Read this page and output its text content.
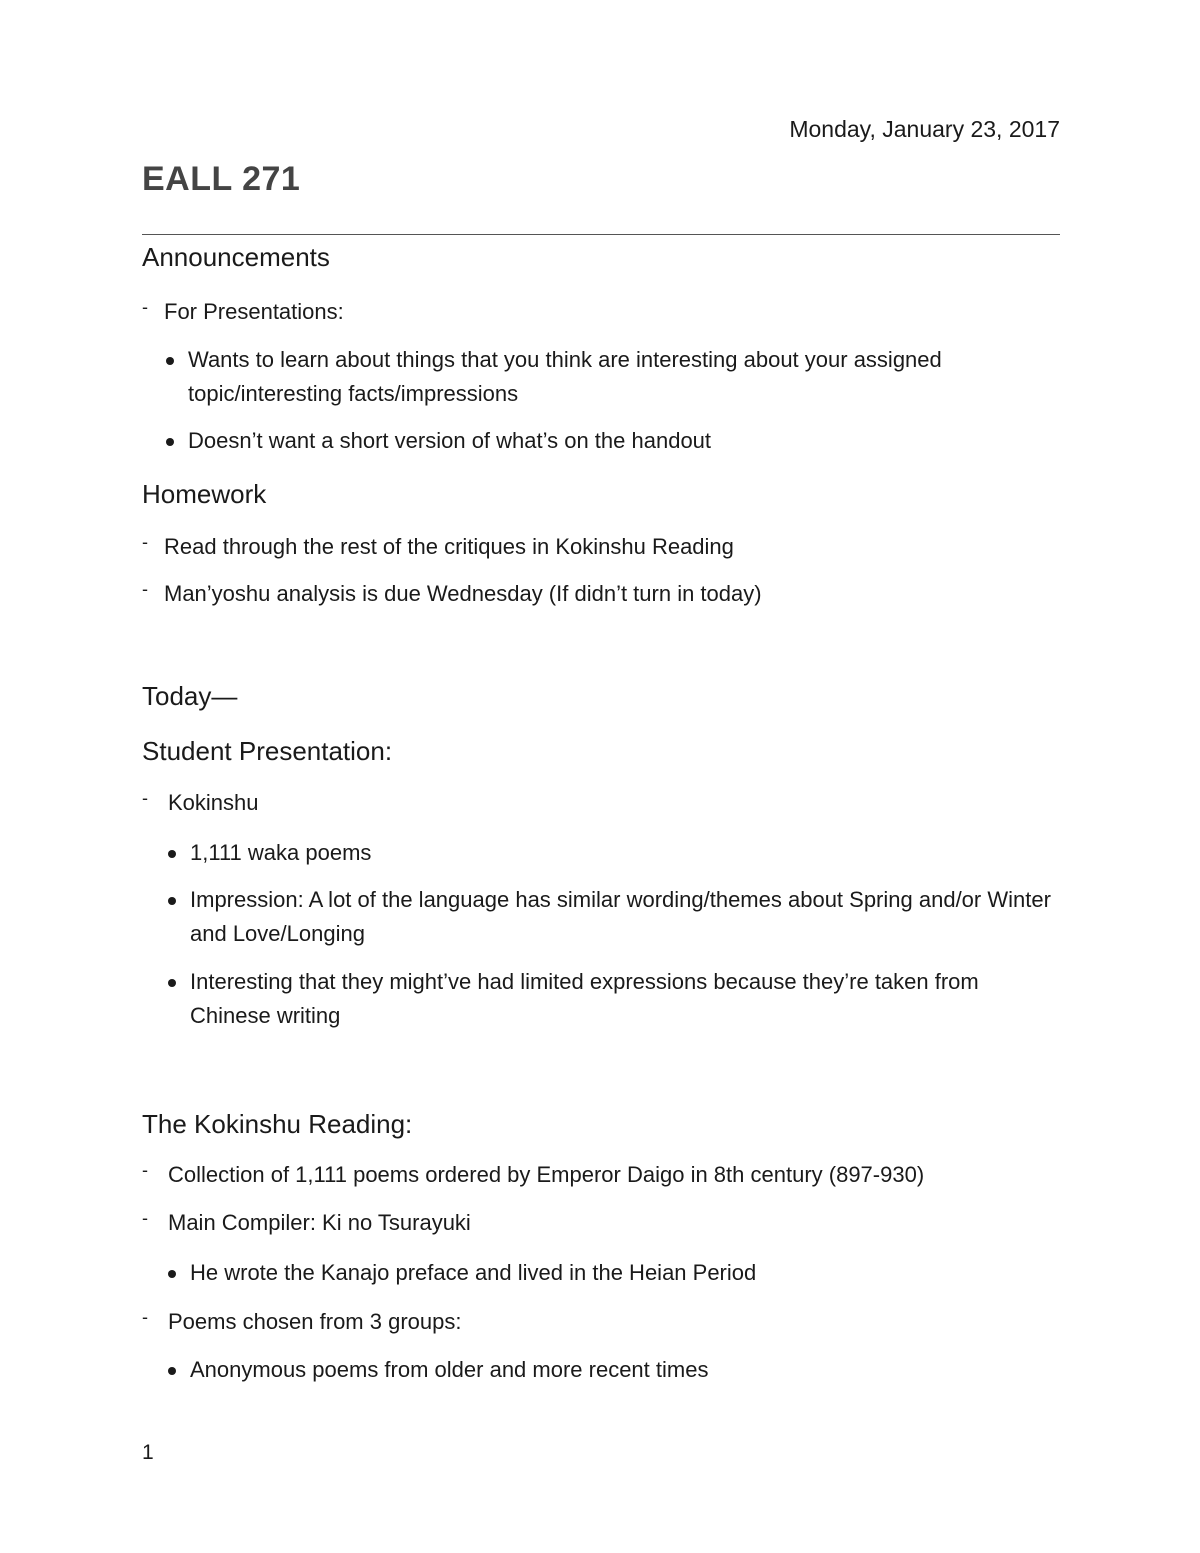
Monday, January 23, 2017
EALL 271
Announcements
- For Presentations:
Wants to learn about things that you think are interesting about your assigned topic/interesting facts/impressions
Doesn’t want a short version of what’s on the handout
Homework
- Read through the rest of the critiques in Kokinshu Reading
- Man’yoshu analysis is due Wednesday (If didn’t turn in today)
Today—
Student Presentation:
- Kokinshu
1,111 waka poems
Impression: A lot of the language has similar wording/themes about Spring and/or Winter and Love/Longing
Interesting that they might’ve had limited expressions because they’re taken from Chinese writing
The Kokinshu Reading:
- Collection of 1,111 poems ordered by Emperor Daigo in 8th century (897-930)
- Main Compiler: Ki no Tsurayuki
He wrote the Kanajo preface and lived in the Heian Period
- Poems chosen from 3 groups:
Anonymous poems from older and more recent times
1
